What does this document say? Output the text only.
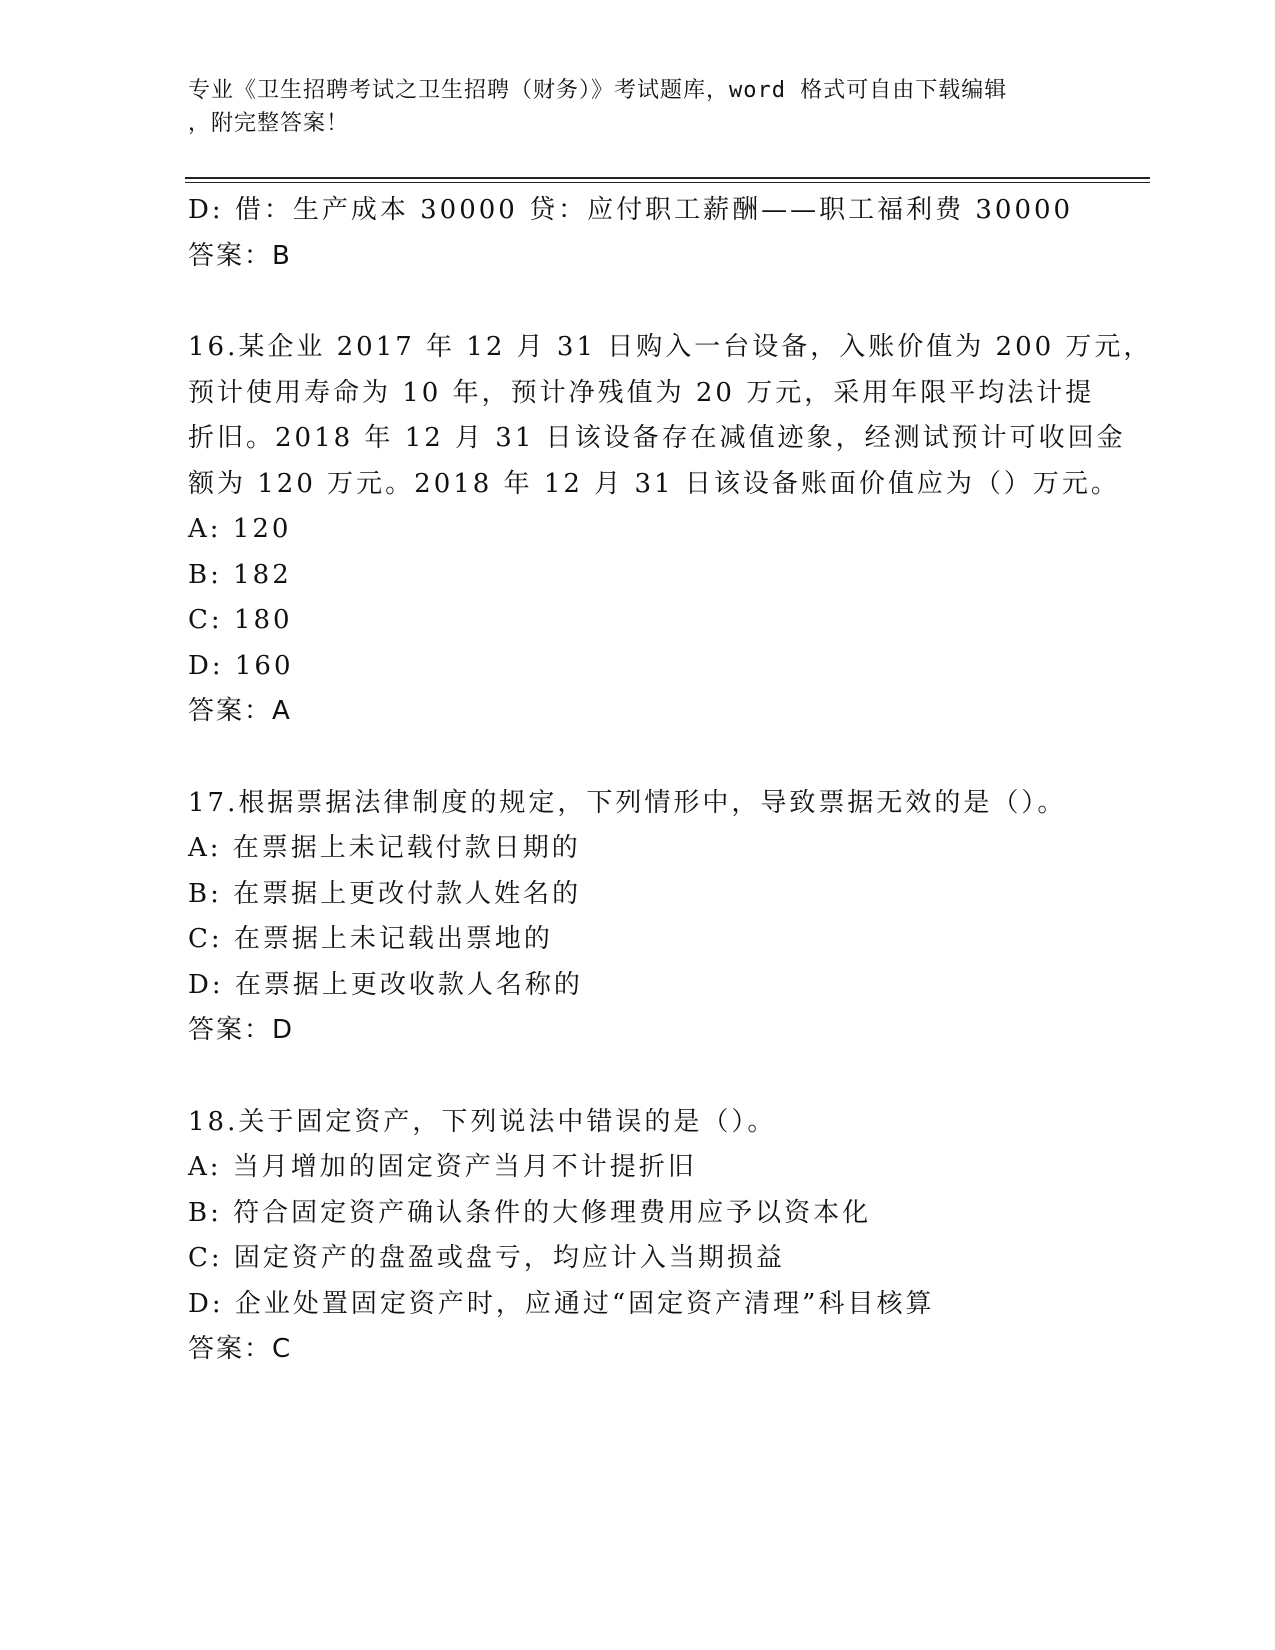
专业《卫生招聘考试之卫生招聘（财务）》考试题库，word 格式可自由下载编辑
，附完整答案！
D: 借：生产成本 30000 贷：应付职工薪酬——职工福利费 30000
答案：B
16.某企业 2017 年 12 月 31 日购入一台设备，入账价值为 200 万元，
预计使用寿命为 10 年，预计净残值为 20 万元，采用年限平均法计提
折旧。2018 年 12 月 31 日该设备存在减值迹象，经测试预计可收回金
额为 120 万元。2018 年 12 月 31 日该设备账面价值应为（）万元。
A: 120
B: 182
C: 180
D: 160
答案：A
17.根据票据法律制度的规定，下列情形中，导致票据无效的是（）。
A: 在票据上未记载付款日期的
B: 在票据上更改付款人姓名的
C: 在票据上未记载出票地的
D: 在票据上更改收款人名称的
答案：D
18.关于固定资产，下列说法中错误的是（）。
A: 当月增加的固定资产当月不计提折旧
B: 符合固定资产确认条件的大修理费用应予以资本化
C: 固定资产的盘盈或盘亏，均应计入当期损益
D: 企业处置固定资产时，应通过“固定资产清理”科目核算
答案：C
